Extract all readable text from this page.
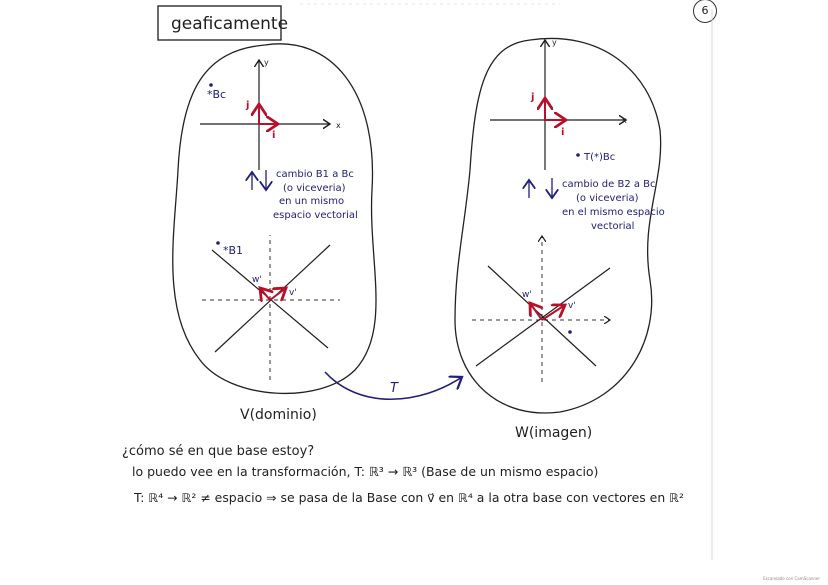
6
geaficamente
x
y
i
j
*Bc
cambio B1 a Bc
(o viceveria)
en un mismo
espacio vectorial
v'
w'
*B1
x
y
i
j
T(*)Bc
cambio de B2 a Bc
(o viceveria)
en el mismo espacio
vectorial
v'
w'
T
V(dominio)
W(imagen)
¿cómo sé en que base estoy?
lo puedo vee en la transformación, T: ℝ³ → ℝ³ (Base de un mismo espacio)
T: ℝ⁴ → ℝ² ≠ espacio ⇒ se pasa de la Base con v⃗ en ℝ⁴ a la otra base con vectores en ℝ²
Escaneado con CamScanner
